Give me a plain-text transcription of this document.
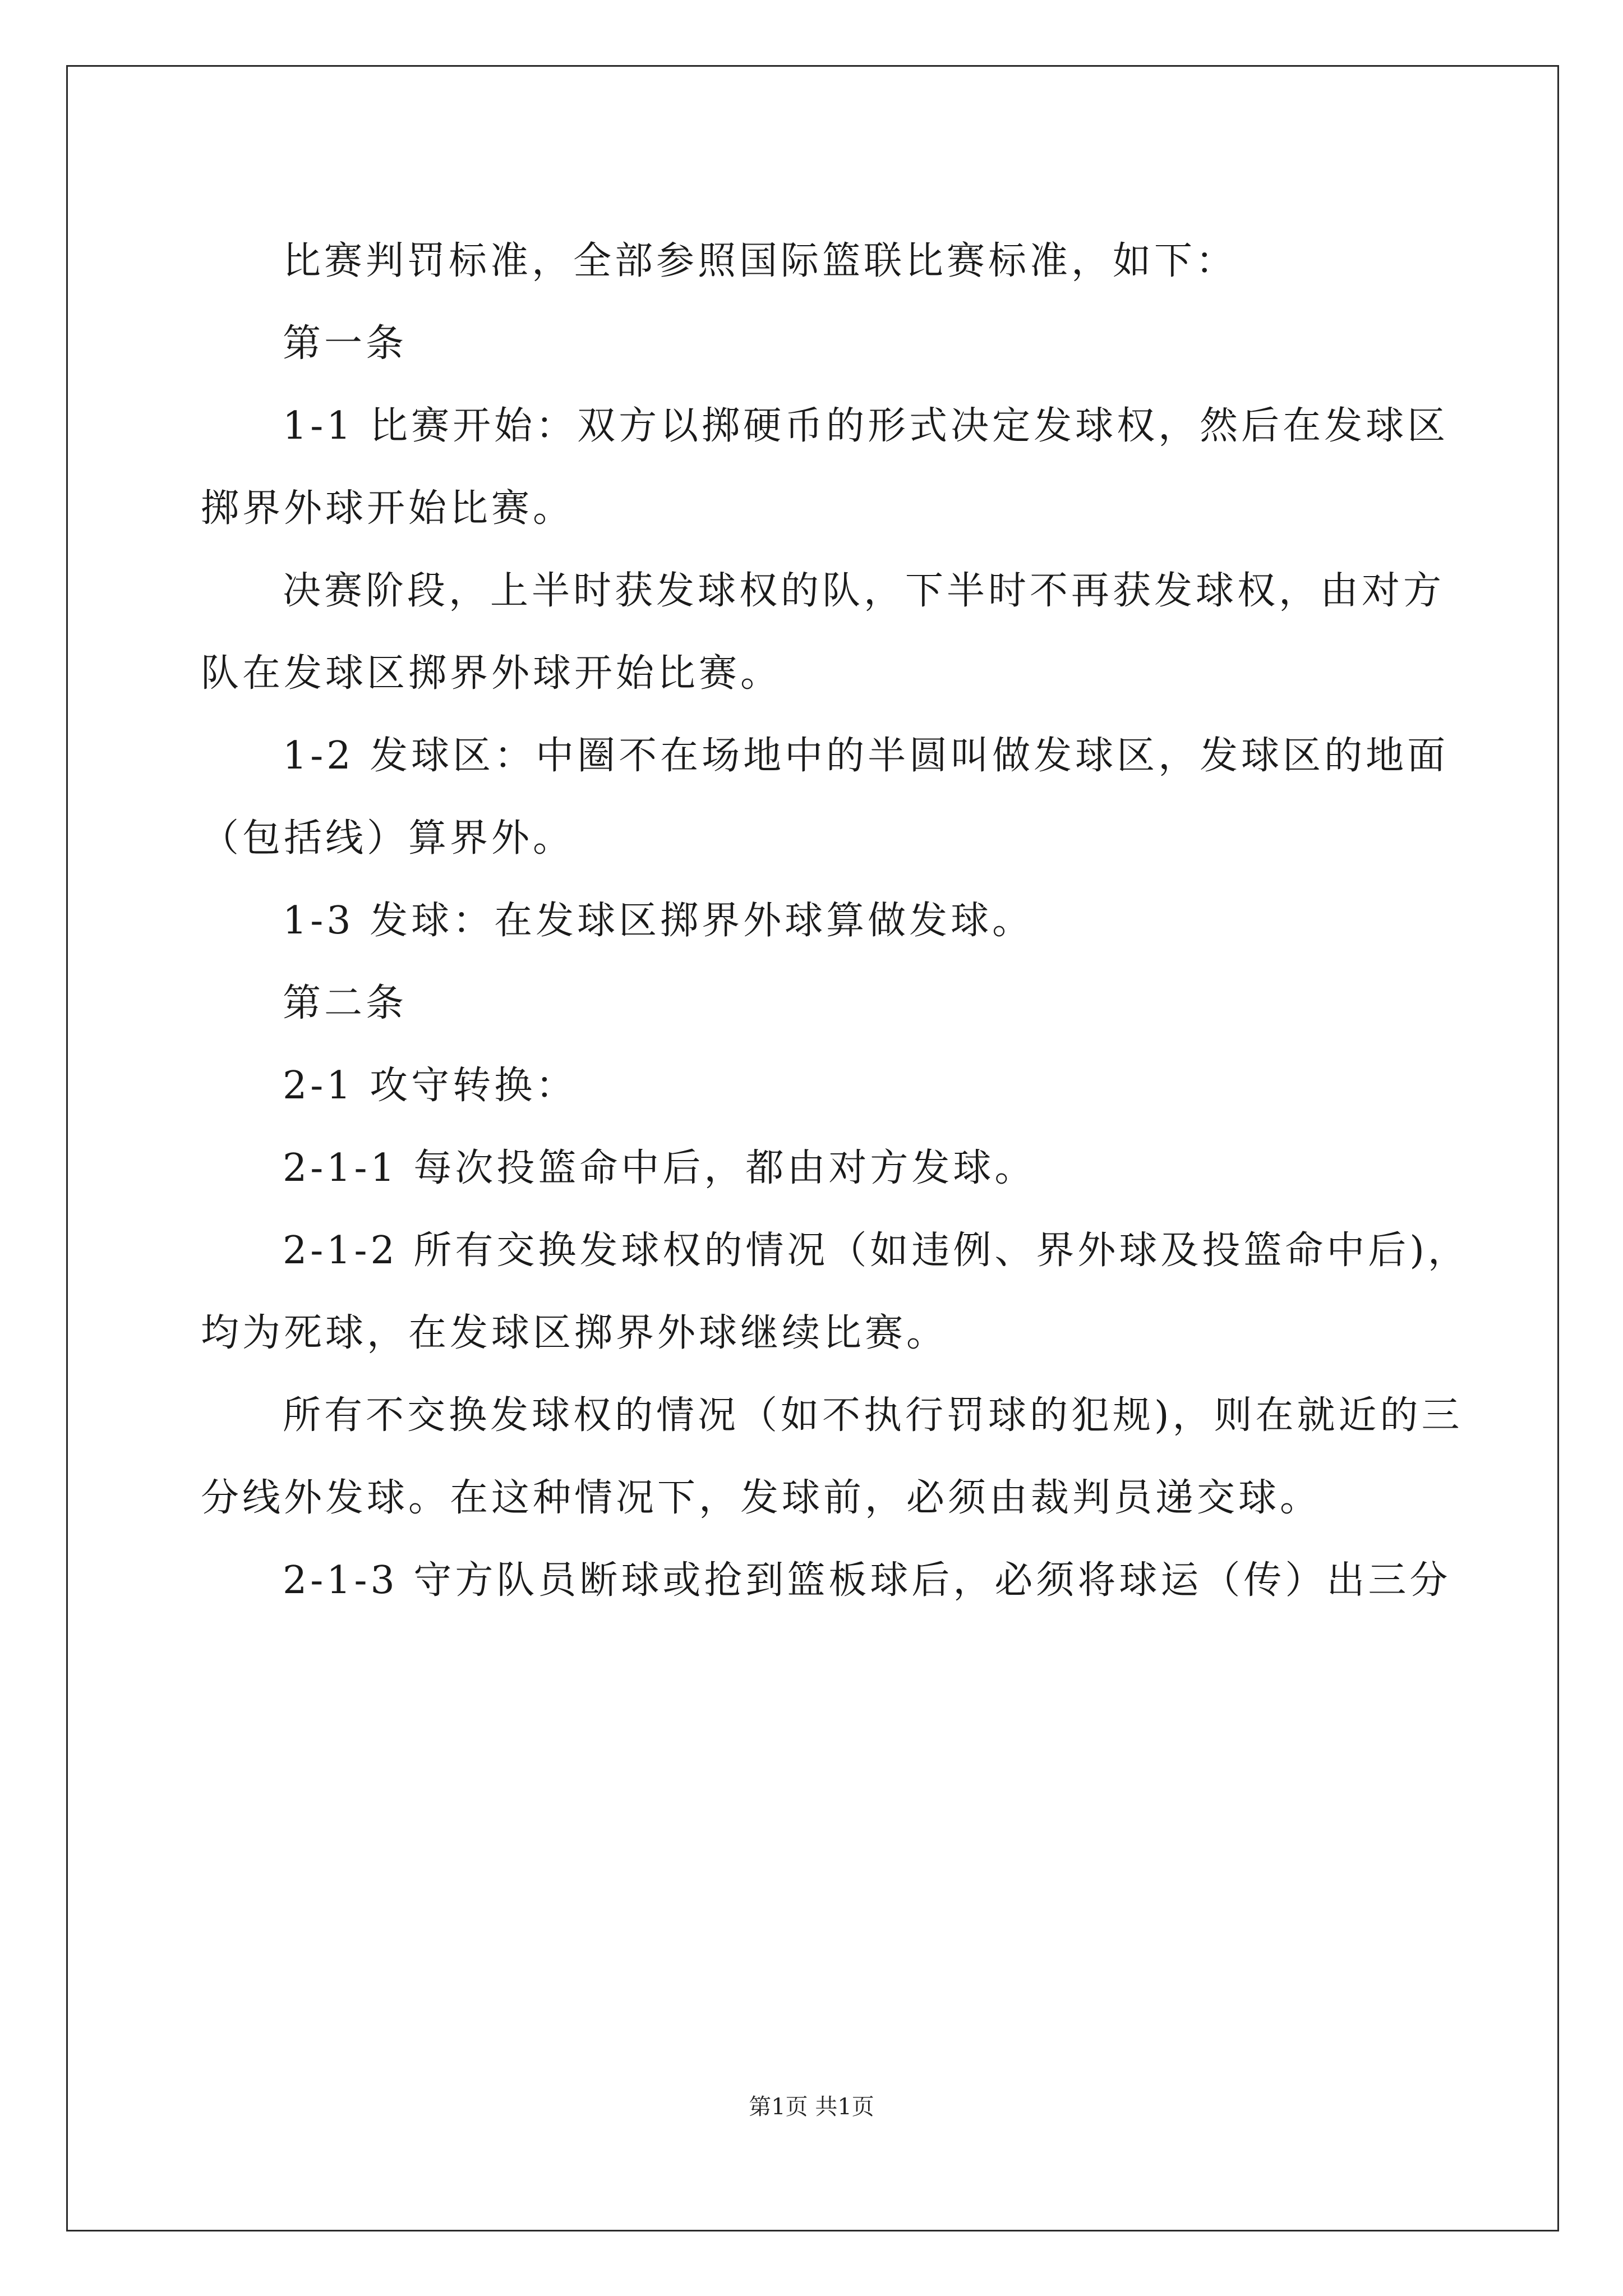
比赛判罚标准，全部参照国际篮联比赛标准，如下：

第一条

1-1 比赛开始：双方以掷硬币的形式决定发球权，然后在发球区

掷界外球开始比赛。

决赛阶段，上半时获发球权的队，下半时不再获发球权，由对方

队在发球区掷界外球开始比赛。

1-2 发球区：中圈不在场地中的半圆叫做发球区，发球区的地面

（包括线）算界外。

1-3 发球：在发球区掷界外球算做发球。

第二条

2-1 攻守转换：

2-1-1 每次投篮命中后，都由对方发球。

2-1-2 所有交换发球权的情况（如违例、界外球及投篮命中后)，

均为死球，在发球区掷界外球继续比赛。

所有不交换发球权的情况（如不执行罚球的犯规)，则在就近的三

分线外发球。在这种情况下，发球前，必须由裁判员递交球。

2-1-3 守方队员断球或抢到篮板球后，必须将球运（传）出三分

第1页 共1页
